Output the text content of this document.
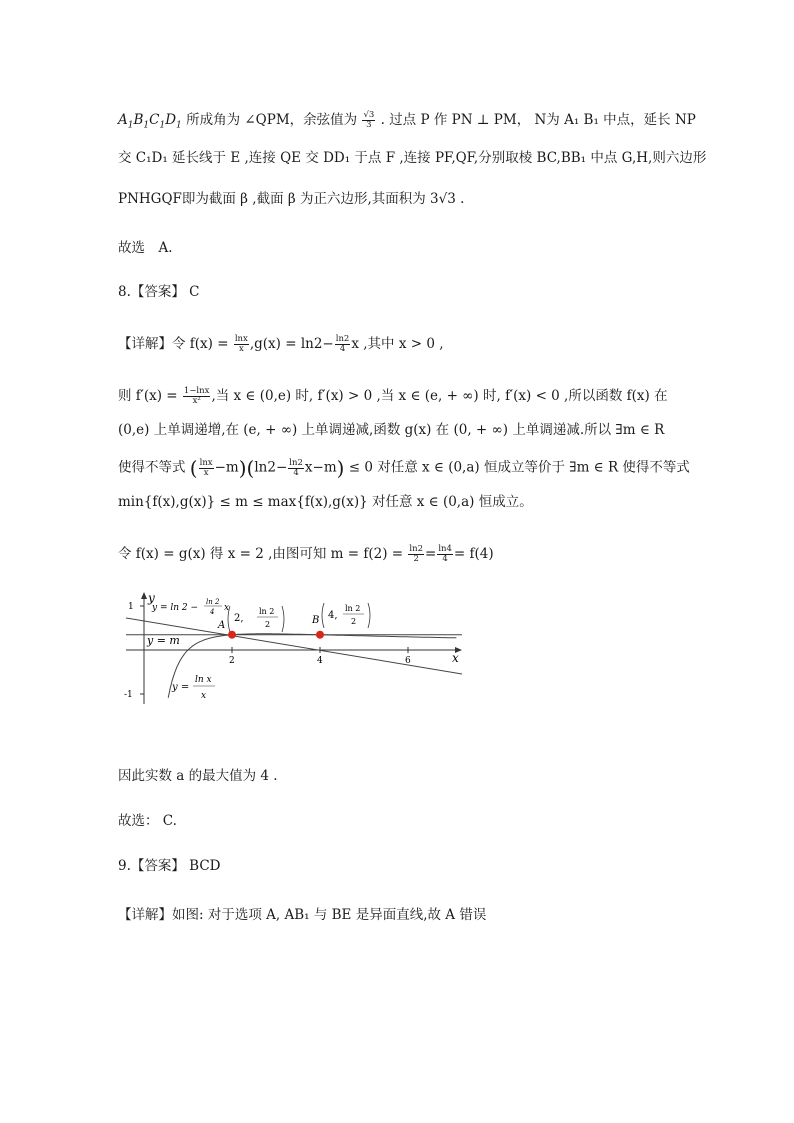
$A_1B_1C_1D_1$ 所成角为 ∠QPM，余弦值为 $\frac{√3}{3}$ . 过点 P 作 PN ⊥ PM， N为 A₁ B₁ 中点，延长 NP
交 C₁D₁ 延长线于 E ,连接 QE 交 DD₁ 于点 F ,连接 PF,QF,分别取棱 BC,BB₁ 中点 G,H,则六边形
PNHGQF即为截面 β ,截面 β 为正六边形,其面积为 3√3 .
故选　A.
8.【答案】 C
【详解】令 $f(x) = \frac{\ln x}{x} ,g(x) = \ln 2- \frac{\ln 2}{4}$ x ,其中 x > 0 ,
则 $f'(x) = \frac{1-\ln x}{\text{x²}}$ ,当 x ∈ (0,e) 时, f′(x) > 0 ,当 x ∈ (e, + ∞) 时, f′(x) < 0 ,所以函数 f(x) 在
(0,e) 上单调递增,在 (e, + ∞) 上单调递减,函数 g(x) 在 (0, + ∞) 上单调递减.所以 ∃m ∈ R
使得不等式 ( $\frac{\ln x}{x} -m)(\ln 2- \frac{\ln 2}{4} x-m) \le 0$ 对任意 x ∈ (0,a) 恒成立等价于 ∃m ∈ R 使得不等式
min{f(x),g(x)} ≤ m ≤ max{f(x),g(x)} 对任意 x ∈ (0,a) 恒成立。
令 f(x) = g(x) 得 x = 2 ,由图可知 $m = f(2) = \frac{\ln 2}{2} = \frac{\ln 4}{4} = f(4)$
1
-1
2	4	6	x
y
y = ln 2 −
ln 2
4 x
y = m
y =
ln x
x
A
2,
ln 2
2	B 4,
ln 2
2
因此实数 a 的最大值为 4 .
故选： C.
9.【答案】 BCD
【详解】如图: 对于选项 A, AB₁ 与 BE 是异面直线,故 A 错误
